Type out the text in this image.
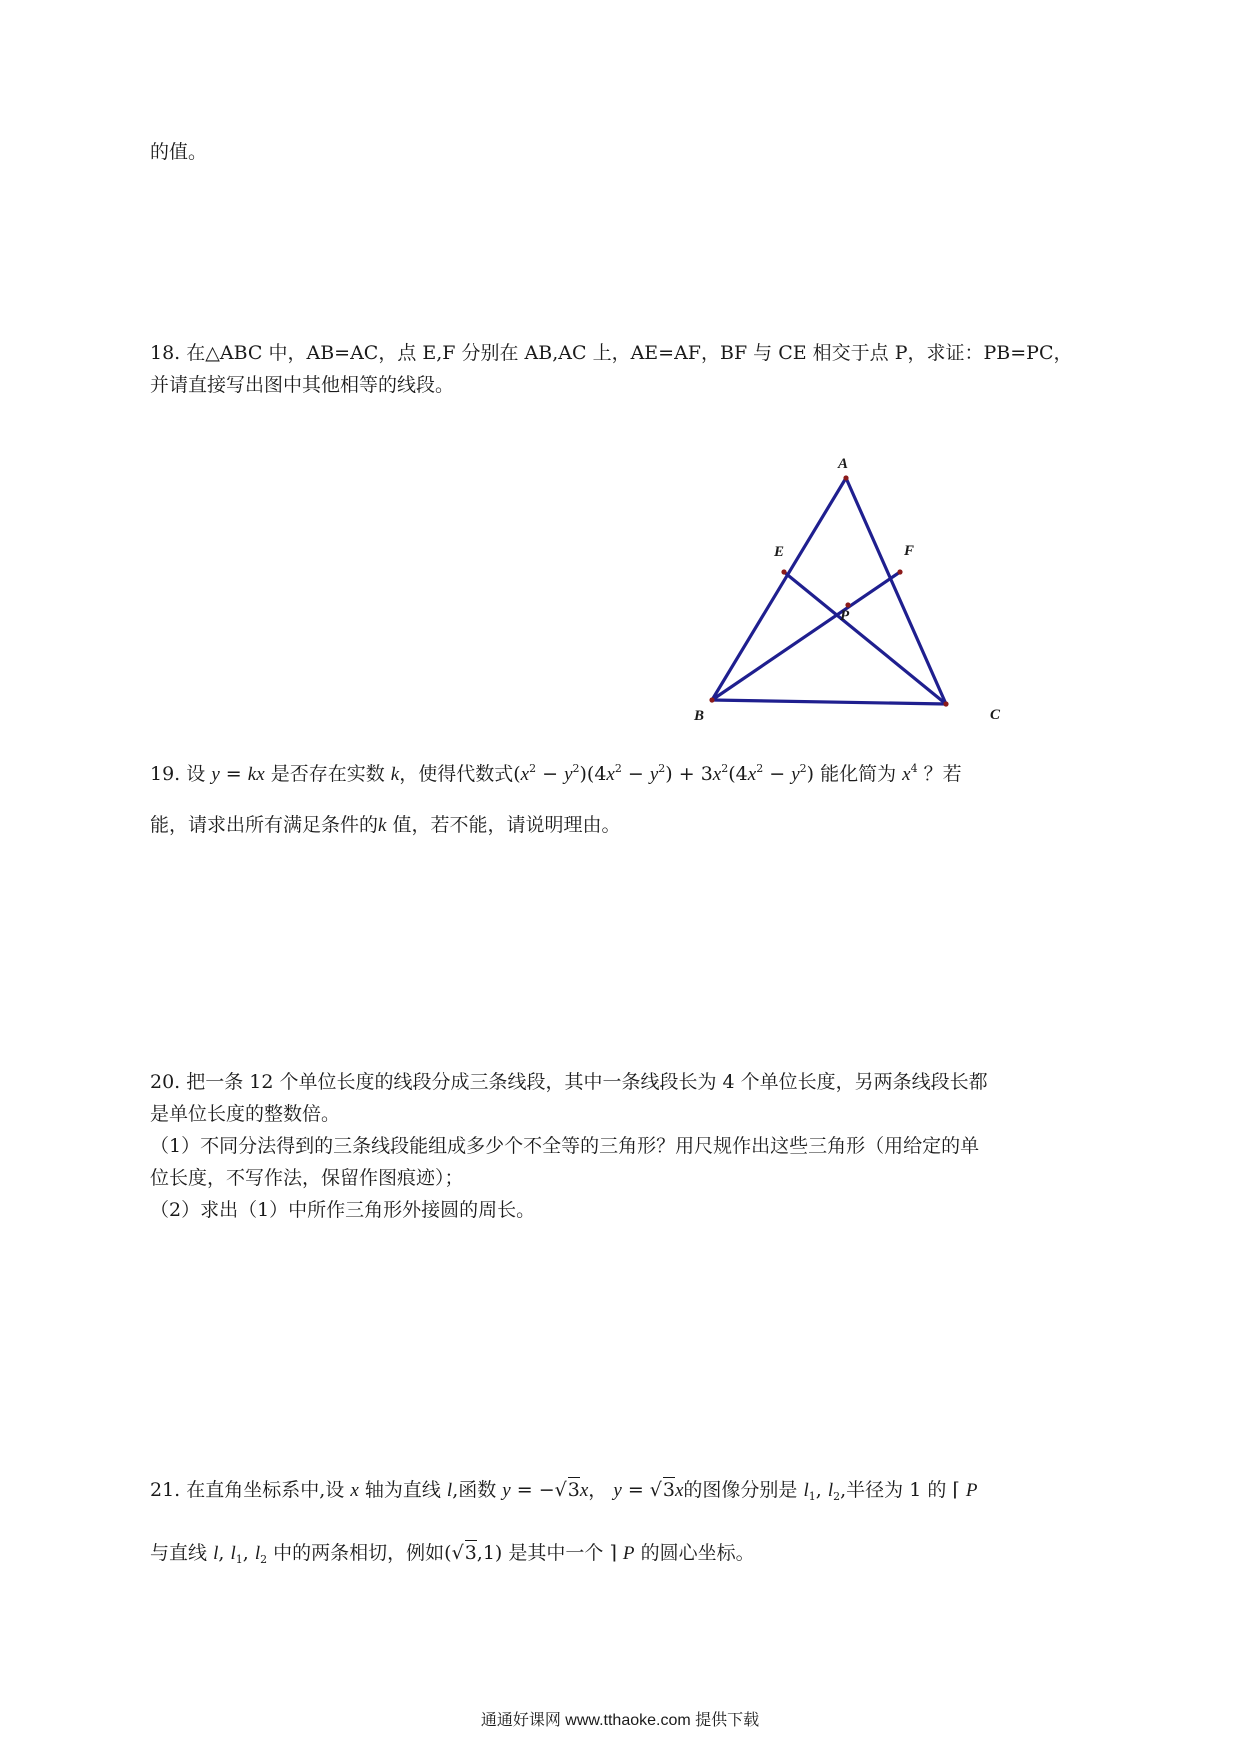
的值。

18. 在△ABC 中，AB=AC，点 E,F 分别在 AB,AC 上，AE=AF，BF 与 CE 相交于点 P，求证：PB=PC，
并请直接写出图中其他相等的线段。
A
E	F
P
B	C
19. 设 y = kx 是否存在实数 k，使得代数式$(x^2 - y^2)(4x^2 - y^2) + 3x^2(4x^2 - y^2)$ 能化简为 $x^4$ ？若
能，请求出所有满足条件的k 值，若不能，请说明理由。
20. 把一条 12 个单位长度的线段分成三条线段，其中一条线段长为 4 个单位长度，另两条线段长都
是单位长度的整数倍。
（1）不同分法得到的三条线段能组成多少个不全等的三角形？用尺规作出这些三角形（用给定的单
位长度，不写作法，保留作图痕迹）；
（2）求出（1）中所作三角形外接圆的周长。
21. 在直角坐标系中,设 x 轴为直线 l,函数 y = −√3x， y = √3x的图像分别是 $l_1$, $l_2$,半径为 1 的 ⌈ P
与直线 l, $l_1$, $l_2$ 中的两条相切，例如(√3,1) 是其中一个 ⌉ P 的圆心坐标。
通通好课网 www.tthaoke.com 提供下载
